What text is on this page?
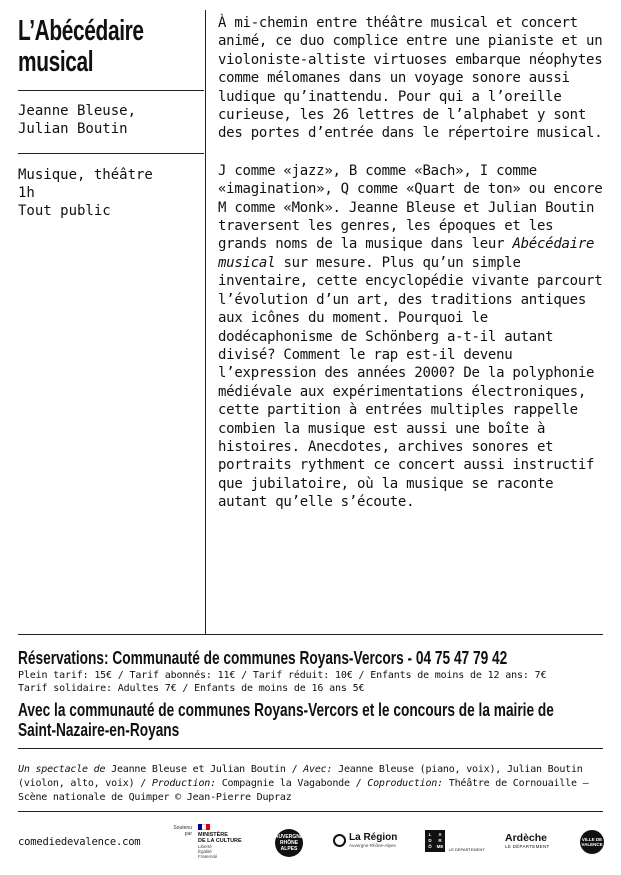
L’Abécédaire
musical
Jeanne Bleuse,
Julian Boutin
Musique, théâtre
1h
Tout public

À mi-chemin entre théâtre musical et concert animé, ce duo complice entre une pianiste et un violoniste-altiste virtuoses embarque néophytes comme mélomanes dans un voyage sonore aussi ludique qu’inattendu. Pour qui a l’oreille curieuse, les 26 lettres de l’alphabet y sont des portes d’entrée dans le répertoire musical.

J comme «jazz», B comme «Bach», I comme «imagination», Q comme «Quart de ton» ou encore M comme «Monk». Jeanne Bleuse et Julian Boutin traversent les genres, les époques et les grands noms de la musique dans leur Abécédaire musical sur mesure. Plus qu’un simple inventaire, cette encyclopédie vivante parcourt l’évolution d’un art, des traditions antiques aux icônes du moment. Pourquoi le dodécaphonisme de Schönberg a-t-il autant divisé? Comment le rap est-il devenu l’expression des années 2000? De la polyphonie médiévale aux expérimentations électroniques, cette partition à entrées multiples rappelle combien la musique est aussi une boîte à histoires. Anecdotes, archives sonores et portraits rythment ce concert aussi instructif que jubilatoire, où la musique se raconte autant qu’elle s’écoute.

Réservations: Communauté de communes Royans-Vercors - 04 75 47 79 42
Plein tarif: 15€ / Tarif abonnés: 11€ / Tarif réduit: 10€ / Enfants de moins de 12 ans: 7€
Tarif solidaire: Adultes 7€ / Enfants de moins de 16 ans 5€
Avec la communauté de communes Royans-Vercors et le concours de la mairie de
Saint-Nazaire-en-Royans
Un spectacle de Jeanne Bleuse et Julian Boutin / Avec: Jeanne Bleuse (piano, voix), Julian Boutin (violon, alto, voix) / Production: Compagnie la Vagabonde / Coproduction: Théâtre de Cornouaille – Scène nationale de Quimper © Jean-Pierre Dupraz
comediedevalence.com
Soutenu
par MINISTÈRE
DE LA CULTURE
Liberté
Égalité
Fraternité
AUVERGNE
RHÔNE
ALPES
La Région
Auvergne-Rhône-Alpes
L	A
D	R
Ô	ME
LE DÉPARTEMENT
Ardèche
LE DÉPARTEMENT
VILLE DE
VALENCE
